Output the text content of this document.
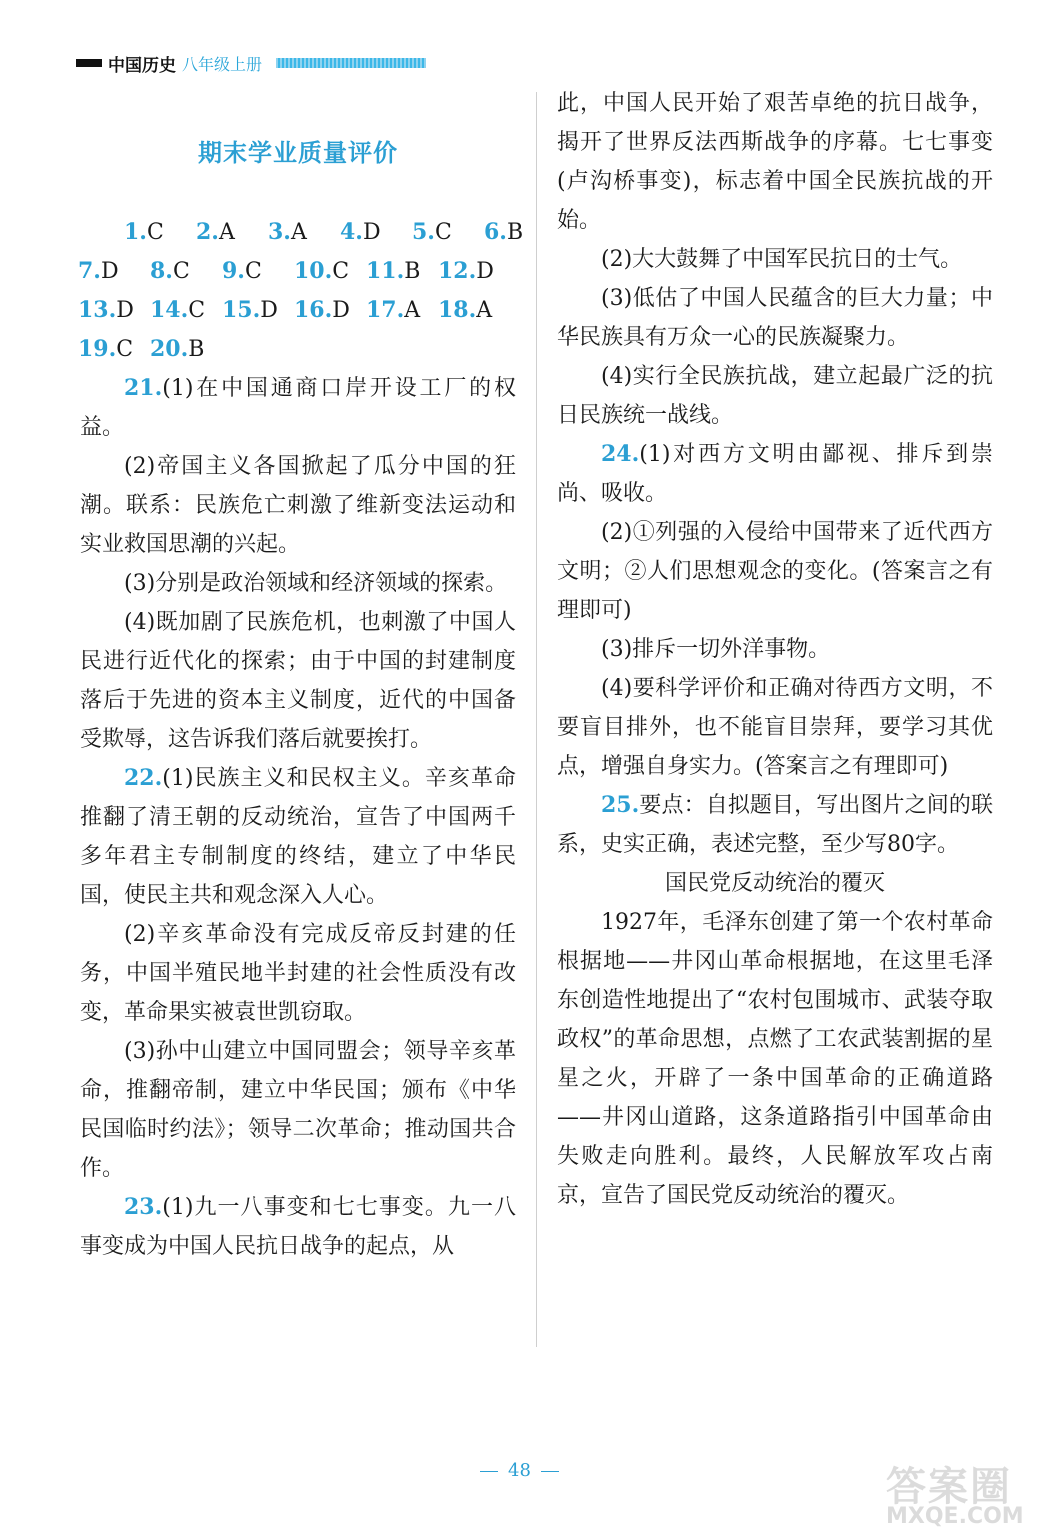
中国历史 八年级上册
期末学业质量评价
1.C 2.A 3.A 4.D 5.C 6.B
7.D 8.C 9.C 10.C 11.B 12.D
13.D 14.C 15.D 16.D 17.A 18.A
19.C 20.B

21.(1)在中国通商口岸开设工厂的权益。

(2)帝国主义各国掀起了瓜分中国的狂潮。联系：民族危亡刺激了维新变法运动和实业救国思潮的兴起。

(3)分别是政治领域和经济领域的探索。

(4)既加剧了民族危机，也刺激了中国人民进行近代化的探索；由于中国的封建制度落后于先进的资本主义制度，近代的中国备受欺辱，这告诉我们落后就要挨打。

22.(1)民族主义和民权主义。辛亥革命推翻了清王朝的反动统治，宣告了中国两千多年君主专制制度的终结，建立了中华民国，使民主共和观念深入人心。

(2)辛亥革命没有完成反帝反封建的任务，中国半殖民地半封建的社会性质没有改变，革命果实被袁世凯窃取。

(3)孙中山建立中国同盟会；领导辛亥革命，推翻帝制，建立中华民国；颁布《中华民国临时约法》；领导二次革命；推动国共合作。

23.(1)九一八事变和七七事变。九一八事变成为中国人民抗日战争的起点，从

此，中国人民开始了艰苦卓绝的抗日战争，揭开了世界反法西斯战争的序幕。七七事变(卢沟桥事变)，标志着中国全民族抗战的开始。

(2)大大鼓舞了中国军民抗日的士气。

(3)低估了中国人民蕴含的巨大力量；中华民族具有万众一心的民族凝聚力。

(4)实行全民族抗战，建立起最广泛的抗日民族统一战线。

24.(1)对西方文明由鄙视、排斥到崇尚、吸收。

(2)①列强的入侵给中国带来了近代西方文明；②人们思想观念的变化。(答案言之有理即可)

(3)排斥一切外洋事物。

(4)要科学评价和正确对待西方文明，不要盲目排外，也不能盲目崇拜，要学习其优点，增强自身实力。(答案言之有理即可)

25.要点：自拟题目，写出图片之间的联系，史实正确，表述完整，至少写80字。

国民党反动统治的覆灭

1927年，毛泽东创建了第一个农村革命根据地——井冈山革命根据地，在这里毛泽东创造性地提出了“农村包围城市、武装夺取政权”的革命思想，点燃了工农武装割据的星星之火，开辟了一条中国革命的正确道路——井冈山道路，这条道路指引中国革命由失败走向胜利。最终，人民解放军攻占南京，宣告了国民党反动统治的覆灭。

48	答案圈
MXQE.COM
